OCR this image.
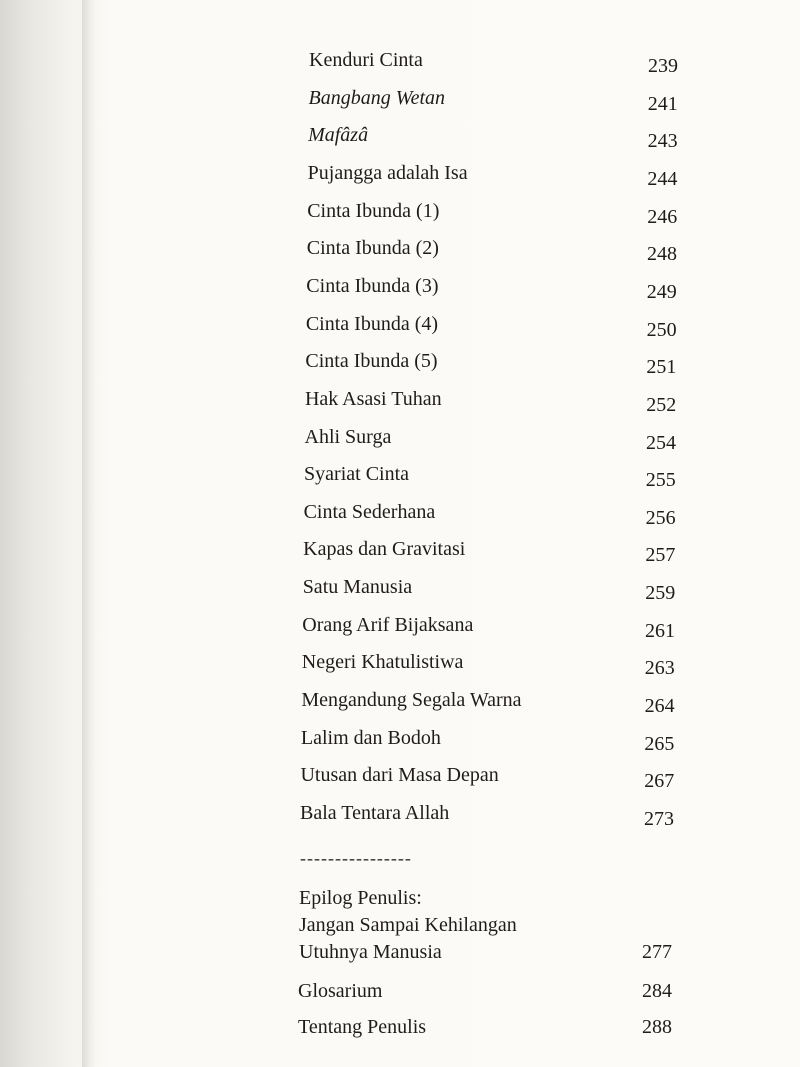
Kenduri Cinta	239
Bangbang Wetan	241
Mafâzâ	243
Pujangga adalah Isa	244
Cinta Ibunda (1)	246
Cinta Ibunda (2)	248
Cinta Ibunda (3)	249
Cinta Ibunda (4)	250
Cinta Ibunda (5)	251
Hak Asasi Tuhan	252
Ahli Surga	254
Syariat Cinta	255
Cinta Sederhana	256
Kapas dan Gravitasi	257
Satu Manusia	259
Orang Arif Bijaksana	261
Negeri Khatulistiwa	263
Mengandung Segala Warna	264
Lalim dan Bodoh	265
Utusan dari Masa Depan	267
Bala Tentara Allah	273
----------------
Epilog Penulis:
Jangan Sampai Kehilangan
Utuhnya Manusia	277
Glosarium	284
Tentang Penulis	288
